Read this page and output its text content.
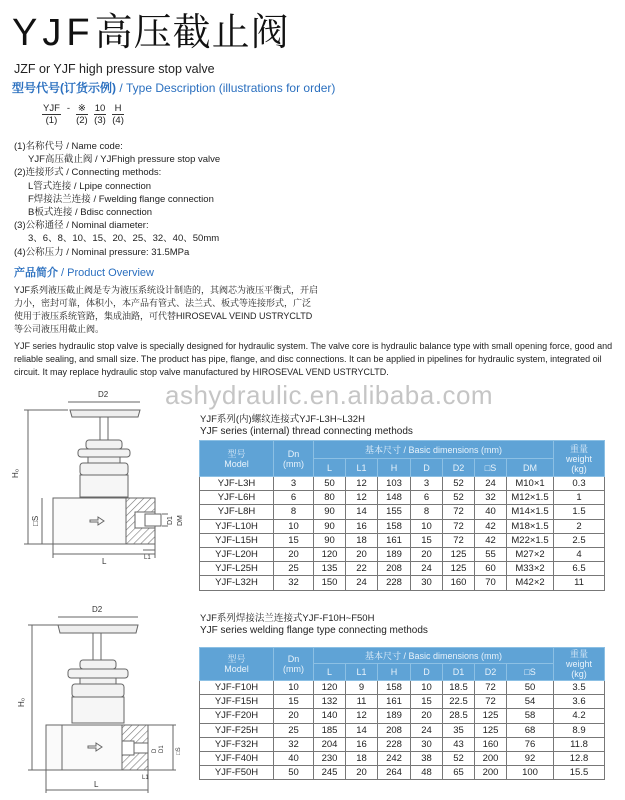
YJF高压截止阀
JZF or YJF high pressure stop valve
型号代号(订货示例) / Type Description (illustrations for order)
YJF
(1)
- ※
(2)
10
(3)
H
(4)
(1)名称代号 / Name code:
YJF高压截止阀 / YJFhigh pressure stop valve
(2)连接形式 / Connecting methods:
L管式连接 / Lpipe connection
F焊接法兰连接 / Fwelding flange connection
B板式连接 / Bdisc connection
(3)公称通径 / Nominal diameter:
3、6、8、10、15、20、25、32、40、50mm
(4)公称压力 / Nominal pressure: 31.5MPa
产品简介 / Product Overview
YJF系列液压截止阀是专为液压系统设计制造的，其阀芯为液压平衡式，开启力小，密封可靠，体积小，本产品有管式、法兰式、板式等连接形式，广泛使用于液压系统管路，集成油路，可代替HIROSEVAL VEIND USTRYCLTD等公司液压用截止阀。
YJF series hydraulic stop valve is specially designed for hydraulic system. The valve core is hydraulic balance type with small opening force, good and reliable sealing, and small size. The product has pipe, flange, and disc connections. It can be applied in pipelines for hydraulic system, integrated oil circuit. It may replace hydraulic stop valve manufactured by HIROSEVAL VEND USTRYCLTD.
ashydraulic.en.alibaba.com
D2
H₀
□S
L	L1
D1 DM
YJF系列(内)螺纹连接式YJF-L3H~L32H
YJF series (internal) thread connecting methods
型号
Model

Dn
(mm)
	基本尺寸 / Basic dimensions (mm)	重量
weight
(kg)

		L	L1	H	D	D2	□S	DM	
YJF-L3H	3	50	12	103	3	52	24	M10×1	0.3
YJF-L6H	6	80	12	148	6	52	32	M12×1.5	1
YJF-L8H	8	90	14	155	8	72	40	M14×1.5	1.5
YJF-L10H	10	90	16	158	10	72	42	M18×1.5	2
YJF-L15H	15	90	18	161	15	72	42	M22×1.5	2.5
YJF-L20H	20	120	20	189	20	125	55	M27×2	4
YJF-L25H	25	135	22	208	24	125	60	M33×2	6.5
YJF-L32H	32	150	24	228	30	160	70	M42×2	11
D2
H₀
L
L1
D D1 □S
YJF系列焊接法兰连接式YJF-F10H~F50H
YJF series welding flange type connecting methods
型号
Model

Dn
(mm)
	基本尺寸 / Basic dimensions (mm)	重量
weight
(kg)

		L	L1	H	D	D1	D2	□S	
YJF-F10H	10	120	9	158	10	18.5	72	50	3.5
YJF-F15H	15	132	11	161	15	22.5	72	54	3.6
YJF-F20H	20	140	12	189	20	28.5	125	58	4.2
YJF-F25H	25	185	14	208	24	35	125	68	8.9
YJF-F32H	32	204	16	228	30	43	160	76	11.8
YJF-F40H	40	230	18	242	38	52	200	92	12.8
YJF-F50H	50	245	20	264	48	65	200	100	15.5
